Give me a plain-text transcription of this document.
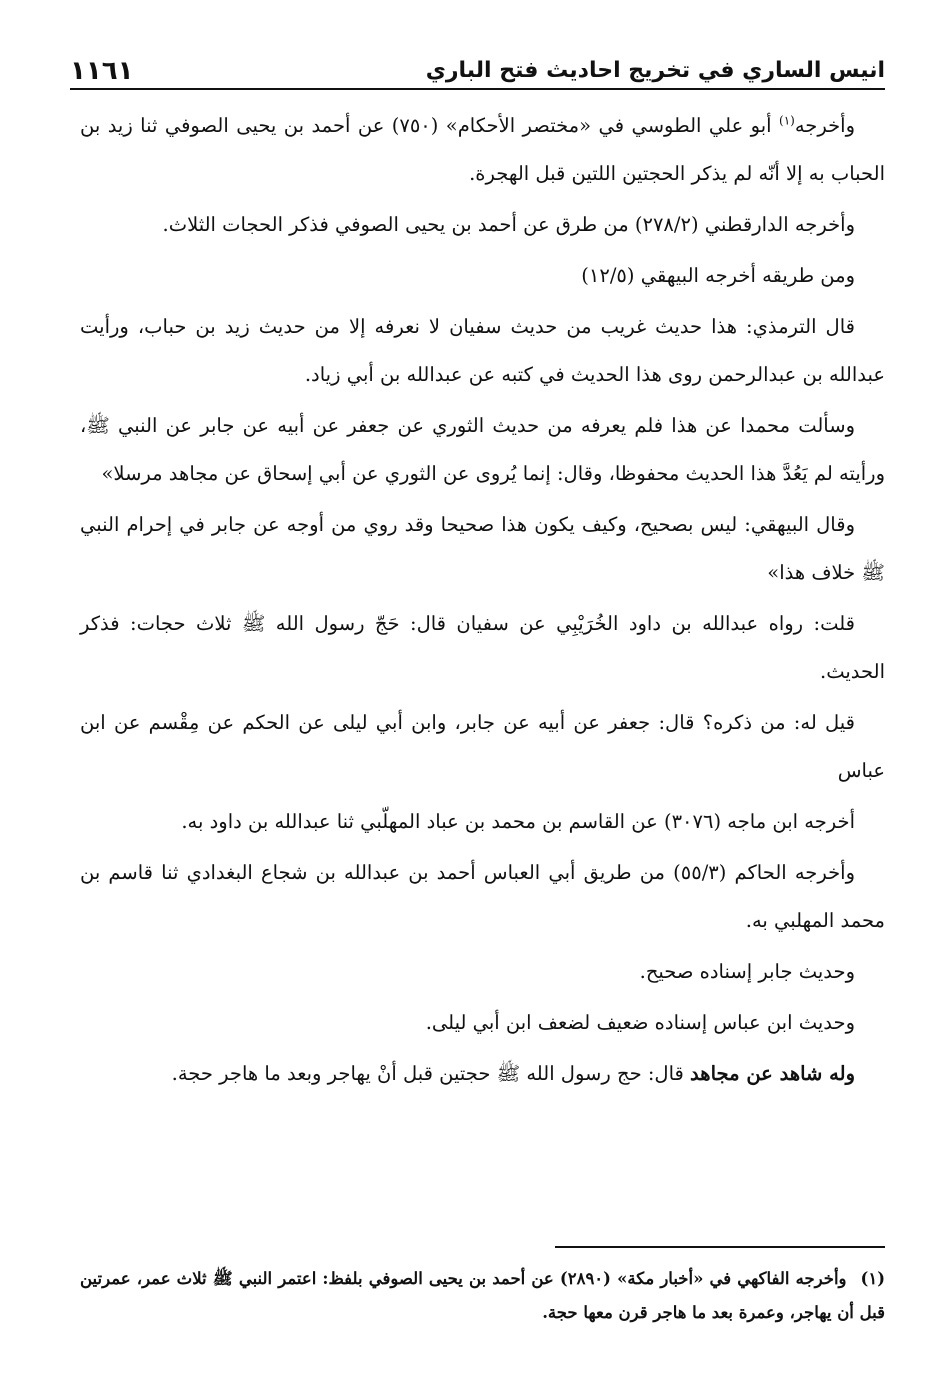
انيس الساري في تخريج احاديث فتح الباري
١١٦١

وأخرجه$^{(١)}$ أبو علي الطوسي في «مختصر الأحكام» (٧٥٠) عن أحمد بن يحيى الصوفي ثنا زيد بن الحباب به إلا أنّه لم يذكر الحجتين اللتين قبل الهجرة.

وأخرجه الدارقطني (٢٧٨/٢) من طرق عن أحمد بن يحيى الصوفي فذكر الحجات الثلاث.

ومن طريقه أخرجه البيهقي (١٢/٥)

قال الترمذي: هذا حديث غريب من حديث سفيان لا نعرفه إلا من حديث زيد بن حباب، ورأيت عبدالله بن عبدالرحمن روى هذا الحديث في كتبه عن عبدالله بن أبي زياد.

وسألت محمدا عن هذا فلم يعرفه من حديث الثوري عن جعفر عن أبيه عن جابر عن النبي ﷺ، ورأيته لم يَعُدَّ هذا الحديث محفوظا، وقال: إنما يُروى عن الثوري عن أبي إسحاق عن مجاهد مرسلا»

وقال البيهقي: ليس بصحيح، وكيف يكون هذا صحيحا وقد روي من أوجه عن جابر في إحرام النبي ﷺ خلاف هذا»

قلت: رواه عبدالله بن داود الخُرَيْبِي عن سفيان قال: حَجّ رسول الله ﷺ ثلاث حجات: فذكر الحديث.

قيل له: من ذكره؟ قال: جعفر عن أبيه عن جابر، وابن أبي ليلى عن الحكم عن مِقْسم عن ابن عباس

أخرجه ابن ماجه (٣٠٧٦) عن القاسم بن محمد بن عباد المهلّبي ثنا عبدالله بن داود به.

وأخرجه الحاكم (٥٥/٣) من طريق أبي العباس أحمد بن عبدالله بن شجاع البغدادي ثنا قاسم بن محمد المهلبي به.

وحديث جابر إسناده صحيح.

وحديث ابن عباس إسناده ضعيف لضعف ابن أبي ليلى.

وله شاهد عن مجاهد قال: حج رسول الله ﷺ حجتين قبل أنْ يهاجر وبعد ما هاجر حجة.

(١)وأخرجه الفاكهي في «أخبار مكة» (٢٨٩٠) عن أحمد بن يحيى الصوفي بلفظ: اعتمر النبي ﷺ ثلاث عمر، عمرتين قبل أن يهاجر، وعمرة بعد ما هاجر قرن معها حجة.
